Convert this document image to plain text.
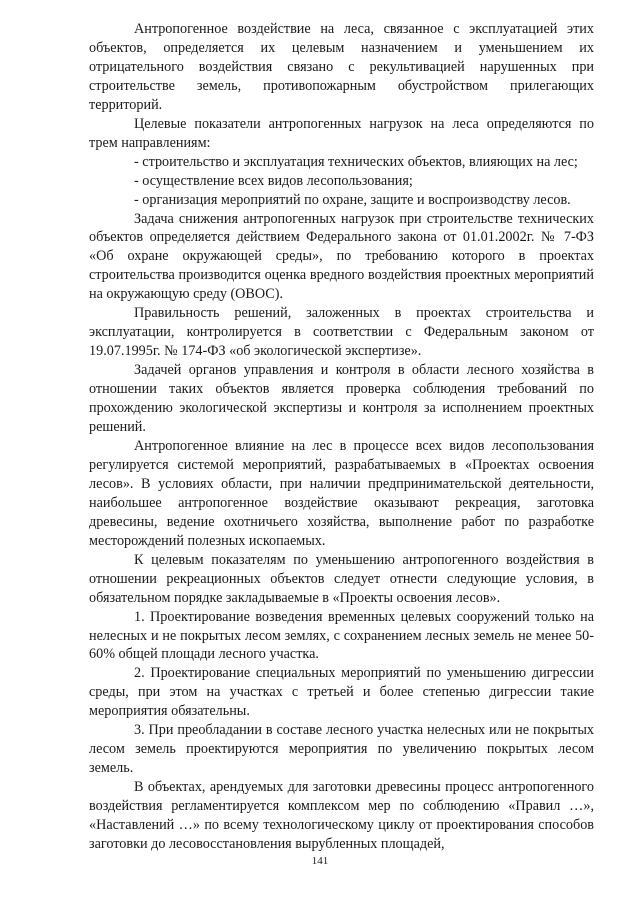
Антропогенное воздействие на леса, связанное с эксплуатацией этих объектов, определяется их целевым назначением и уменьшением их отрицательного воздействия связано с рекультивацией нарушенных при строительстве земель, противопожарным обустройством прилегающих территорий.

Целевые показатели антропогенных нагрузок на леса определяются по трем направлениям:

- строительство и эксплуатация технических объектов, влияющих на лес;

- осуществление всех видов лесопользования;

- организация мероприятий по охране, защите и воспроизводству лесов.

Задача снижения антропогенных нагрузок при строительстве технических объектов определяется действием Федерального закона от 01.01.2002г. № 7-ФЗ «Об охране окружающей среды», по требованию которого в проектах строительства производится оценка вредного воздействия проектных мероприятий на окружающую среду (ОВОС).

Правильность решений, заложенных в проектах строительства и эксплуатации, контролируется в соответствии с Федеральным законом от 19.07.1995г. № 174-ФЗ «об экологической экспертизе».

Задачей органов управления и контроля в области лесного хозяйства в отношении таких объектов является проверка соблюдения требований по прохождению экологической экспертизы и контроля за исполнением проектных решений.

Антропогенное влияние на лес в процессе всех видов лесопользования регулируется системой мероприятий, разрабатываемых в «Проектах освоения лесов». В условиях области, при наличии предпринимательской деятельности, наибольшее антропогенное воздействие оказывают рекреация, заготовка древесины, ведение охотничьего хозяйства, выполнение работ по разработке месторождений полезных ископаемых.

К целевым показателям по уменьшению антропогенного воздействия в отношении рекреационных объектов следует отнести следующие условия, в обязательном порядке закладываемые в «Проекты освоения лесов».

1. Проектирование возведения временных целевых сооружений только на нелесных и не покрытых лесом землях, с сохранением лесных земель не менее 50-60% общей площади лесного участка.

2. Проектирование специальных мероприятий по уменьшению дигрессии среды, при этом на участках с третьей и более степенью дигрессии такие мероприятия обязательны.

3. При преобладании в составе лесного участка нелесных или не покрытых лесом земель проектируются мероприятия по увеличению покрытых лесом земель.

В объектах, арендуемых для заготовки древесины процесс антропогенного воздействия регламентируется комплексом мер по соблюдению «Правил …», «Наставлений …» по всему технологическому циклу от проектирования способов заготовки до лесовосстановления вырубленных площадей,

141
